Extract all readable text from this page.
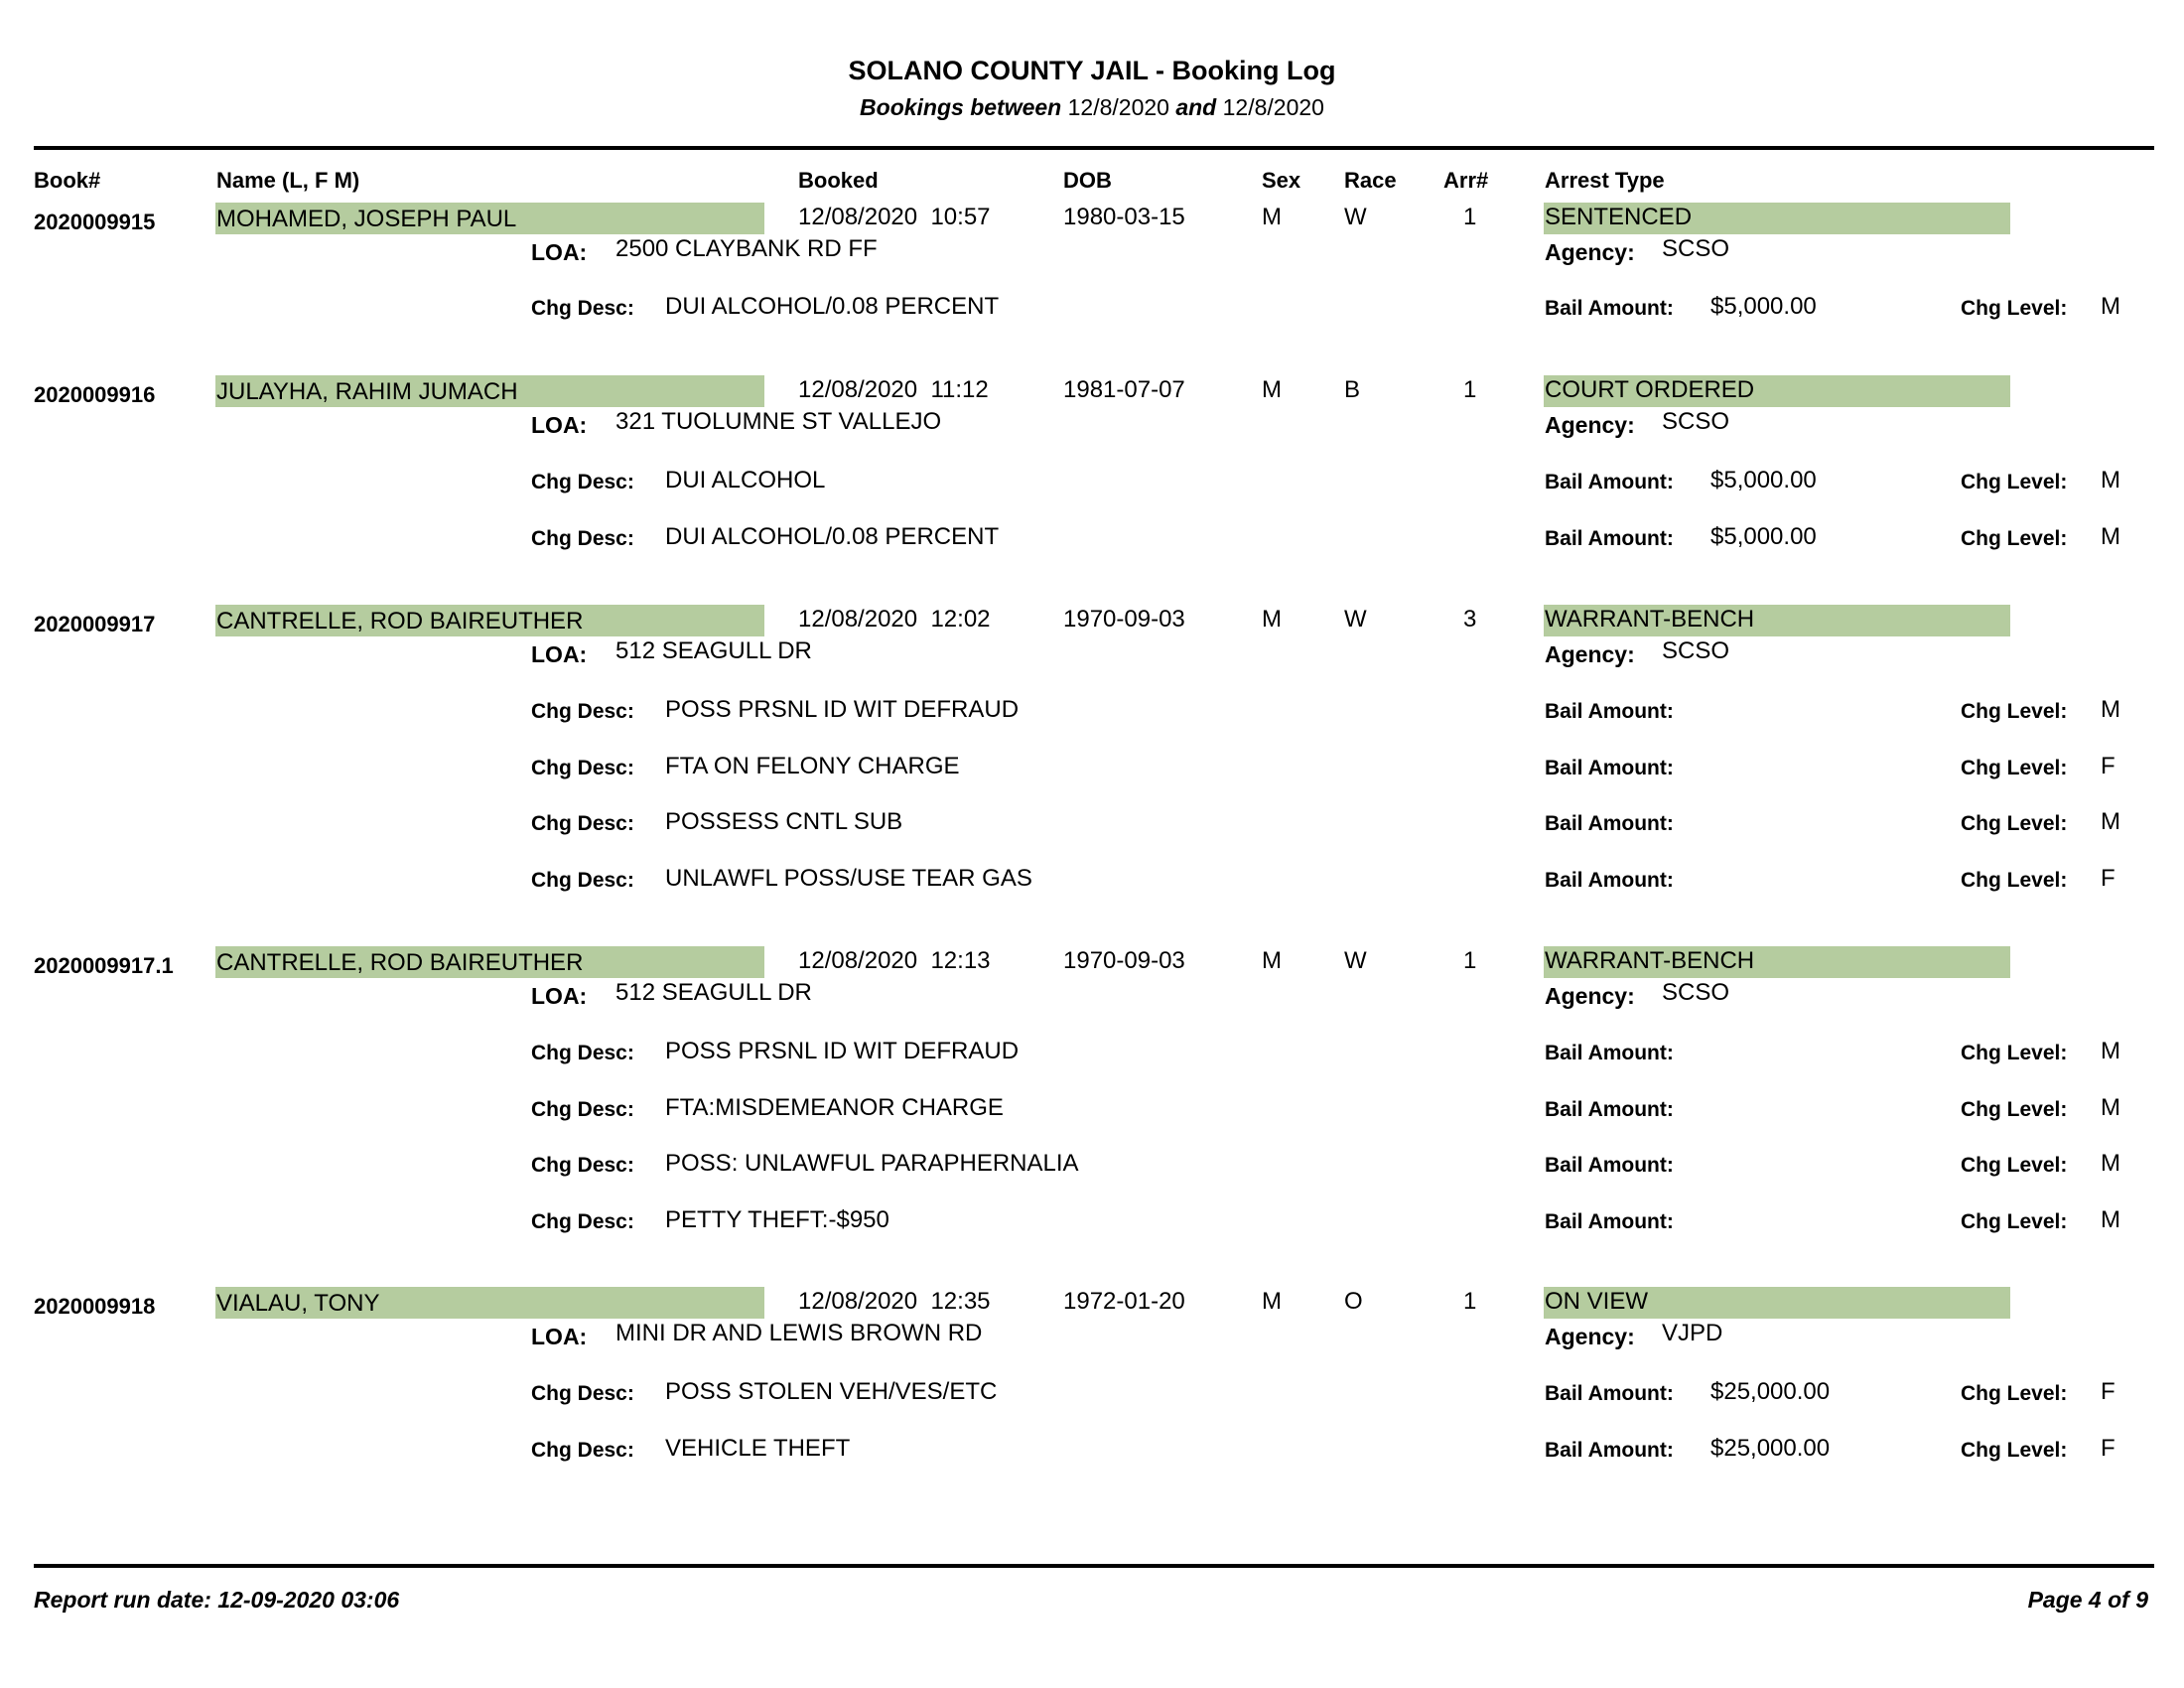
SOLANO COUNTY JAIL - Booking Log
Bookings between 12/8/2020 and 12/8/2020
Book#	Name (L, F M)	Booked	DOB	Sex Race Arr#	Arrest Type
2020009915	MOHAMED, JOSEPH PAUL	12/08/2020  10:57	1980-03-15	M	W	1	SENTENCED
LOA: 2500 CLAYBANK RD FF	Agency: SCSO
Chg Desc: DUI ALCOHOL/0.08 PERCENT	Bail Amount: $5,000.00	Chg Level: M
2020009916	JULAYHA, RAHIM JUMACH	12/08/2020  11:12	1981-07-07	M	B	1	COURT ORDERED
LOA: 321 TUOLUMNE ST VALLEJO	Agency: SCSO
Chg Desc: DUI ALCOHOL	Bail Amount: $5,000.00	Chg Level: M
Chg Desc: DUI ALCOHOL/0.08 PERCENT	Bail Amount: $5,000.00	Chg Level: M
2020009917	CANTRELLE, ROD BAIREUTHER	12/08/2020  12:02	1970-09-03	M	W	3	WARRANT-BENCH
LOA: 512 SEAGULL DR	Agency: SCSO
Chg Desc: POSS PRSNL ID WIT DEFRAUD	Bail Amount:	Chg Level: M
Chg Desc: FTA ON FELONY CHARGE	Bail Amount:	Chg Level: F
Chg Desc: POSSESS CNTL SUB	Bail Amount:	Chg Level: M
Chg Desc: UNLAWFL POSS/USE TEAR GAS	Bail Amount:	Chg Level: F
2020009917.1 CANTRELLE, ROD BAIREUTHER	12/08/2020  12:13	1970-09-03	M	W	1	WARRANT-BENCH
LOA: 512 SEAGULL DR	Agency: SCSO
Chg Desc: POSS PRSNL ID WIT DEFRAUD	Bail Amount:	Chg Level: M
Chg Desc: FTA:MISDEMEANOR CHARGE	Bail Amount:	Chg Level: M
Chg Desc: POSS: UNLAWFUL PARAPHERNALIA	Bail Amount:	Chg Level: M
Chg Desc: PETTY THEFT:-$950	Bail Amount:	Chg Level: M
2020009918	VIALAU, TONY	12/08/2020  12:35	1972-01-20	M	O	1	ON VIEW
LOA: MINI DR AND LEWIS BROWN RD	Agency: VJPD
Chg Desc: POSS STOLEN VEH/VES/ETC	Bail Amount: $25,000.00	Chg Level: F
Chg Desc: VEHICLE THEFT	Bail Amount: $25,000.00	Chg Level: F
Report run date: 12-09-2020 03:06	Page 4 of 9
